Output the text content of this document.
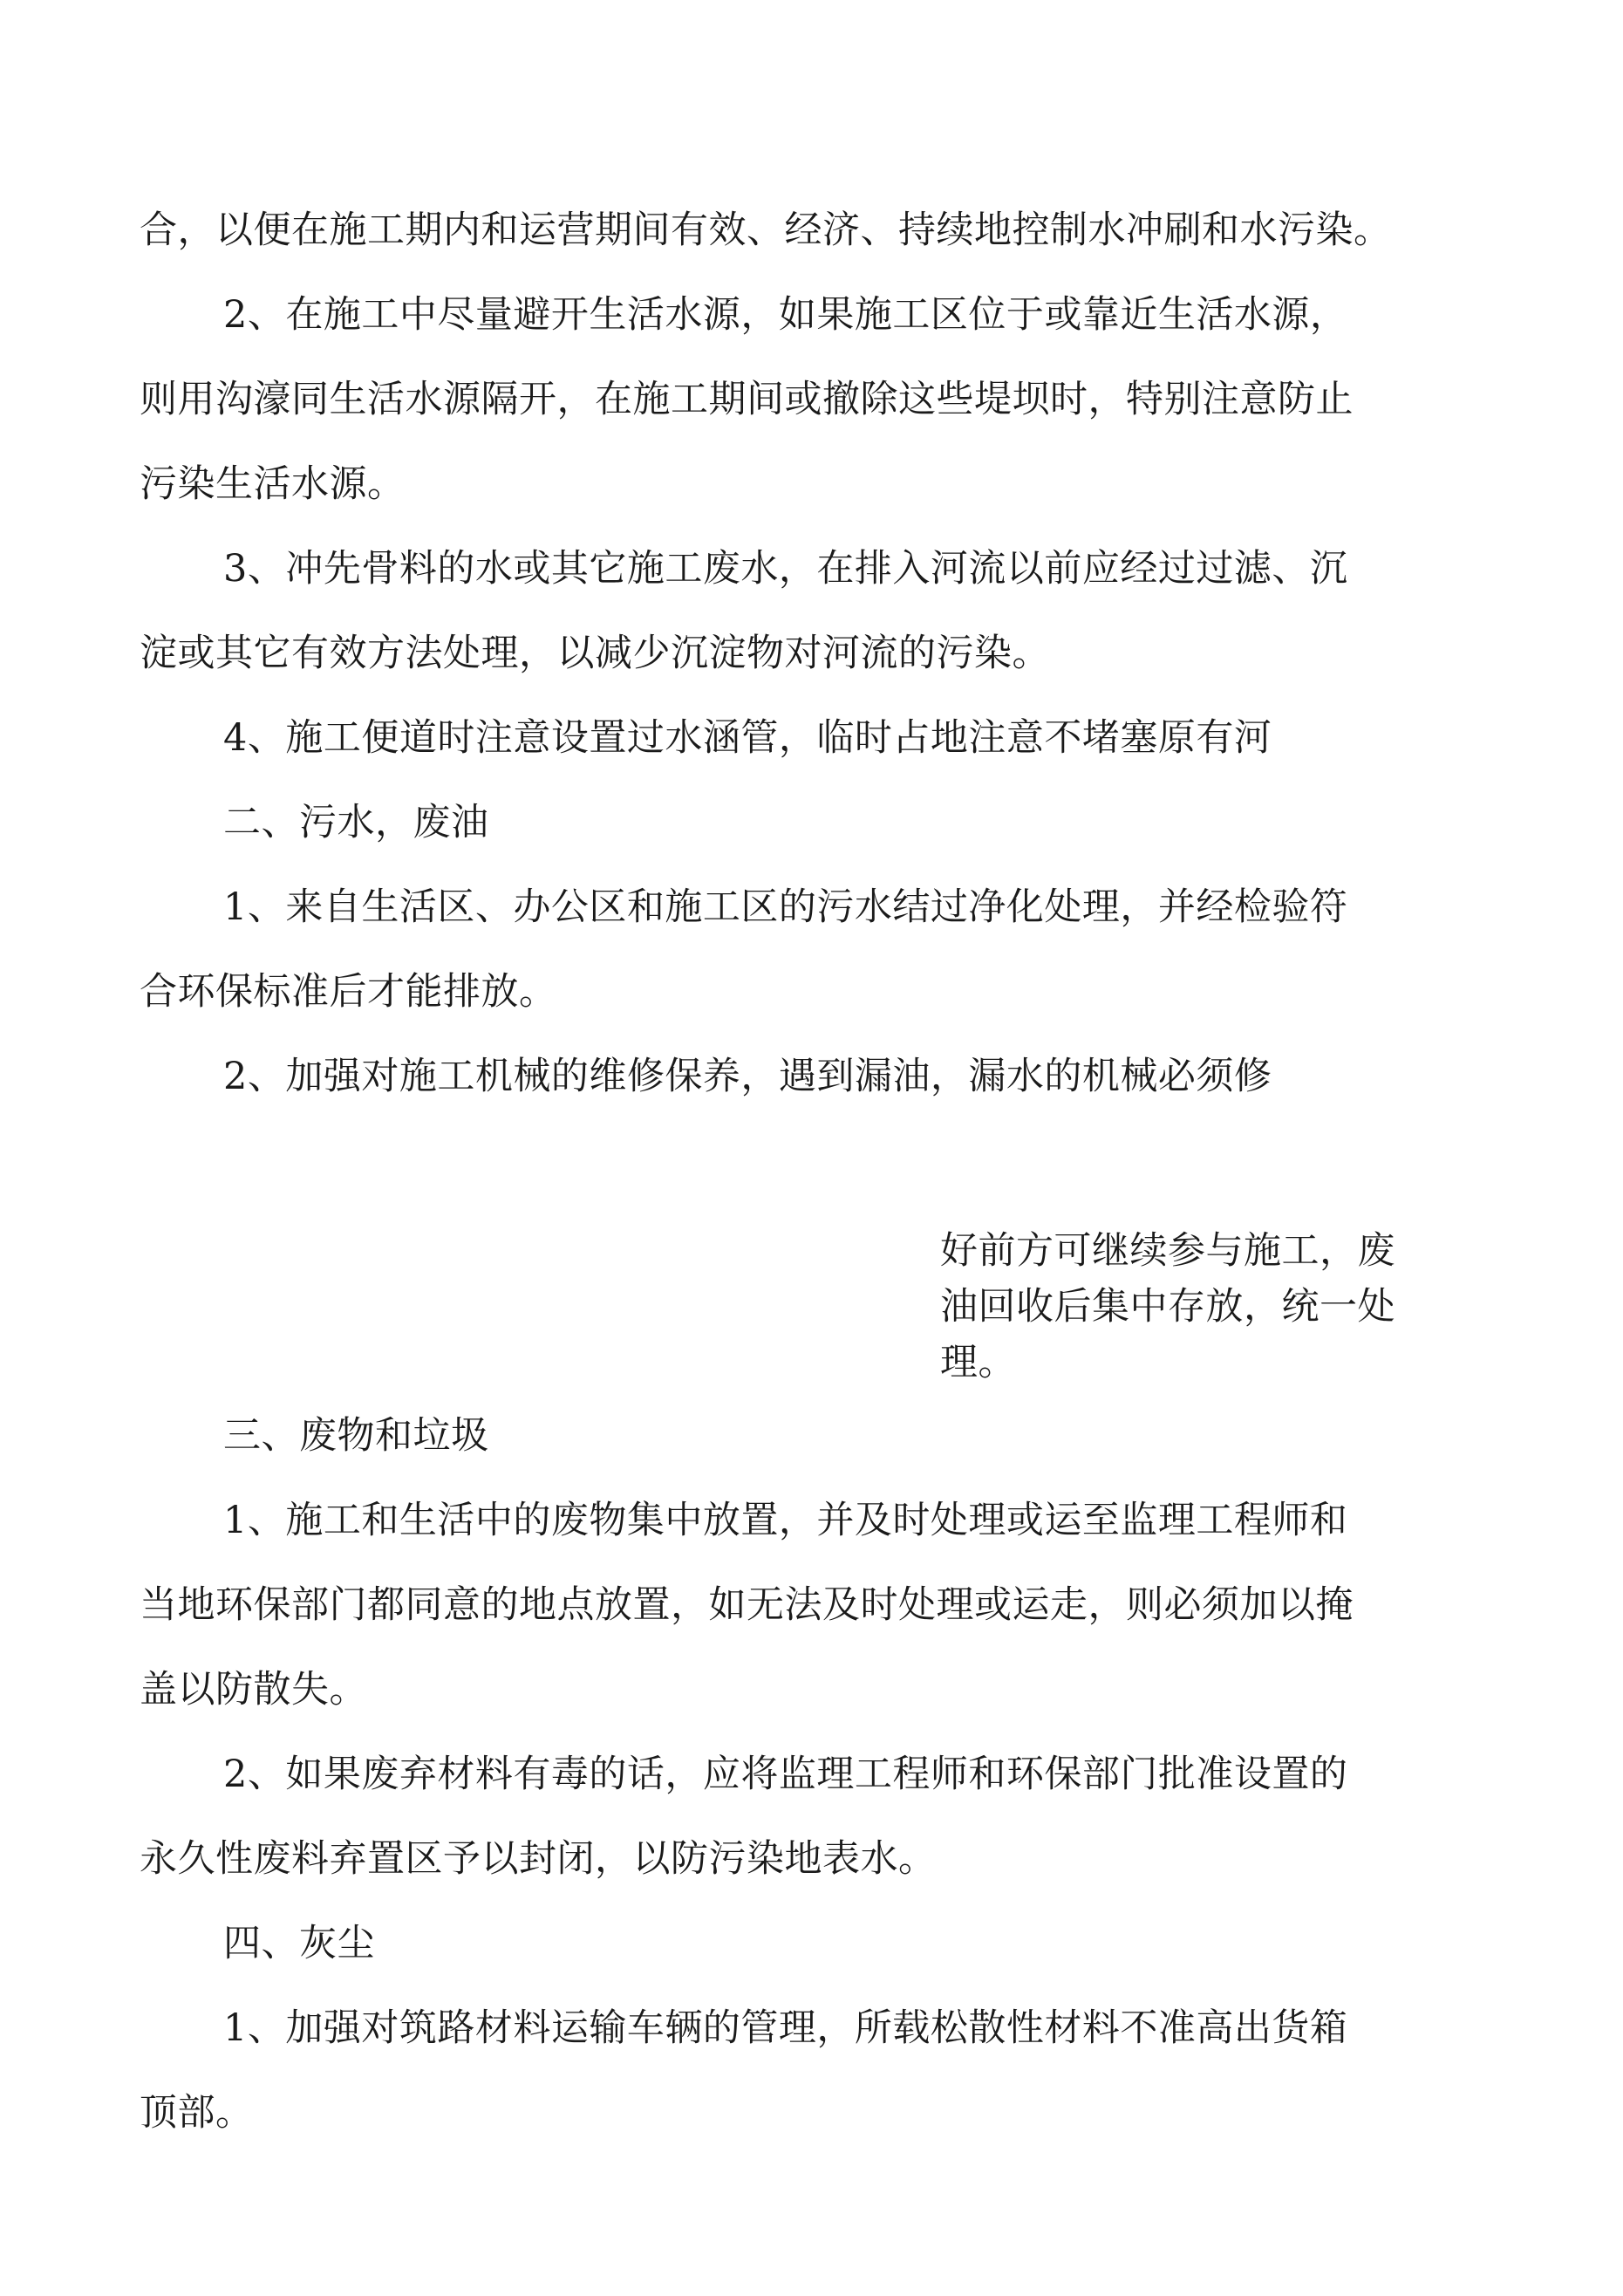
合，以便在施工期内和运营期间有效、经济、持续地控制水冲刷和水污染。
2、在施工中尽量避开生活水源，如果施工区位于或靠近生活水源，
则用沟濠同生活水源隔开，在施工期间或撤除这些堤坝时，特别注意防止
污染生活水源。
3、冲先骨料的水或其它施工废水，在排入河流以前应经过过滤、沉
淀或其它有效方法处理，以减少沉淀物对河流的污染。
4、施工便道时注意设置过水涵管，临时占地注意不堵塞原有河
二、污水，废油
1、来自生活区、办公区和施工区的污水结过净化处理，并经检验符
合环保标准后才能排放。
2、加强对施工机械的维修保养，遇到漏油，漏水的机械必须修
好前方可继续参与施工，废
油回收后集中存放，统一处
理。
三、废物和垃圾
1、施工和生活中的废物集中放置，并及时处理或运至监理工程师和
当地环保部门都同意的地点放置，如无法及时处理或运走，则必须加以掩
盖以防散失。
2、如果废弃材料有毒的话，应将监理工程师和环保部门批准设置的
永久性废料弃置区予以封闭，以防污染地表水。
四、灰尘
1、加强对筑路材料运输车辆的管理，所载松散性材料不准高出货箱
顶部。
